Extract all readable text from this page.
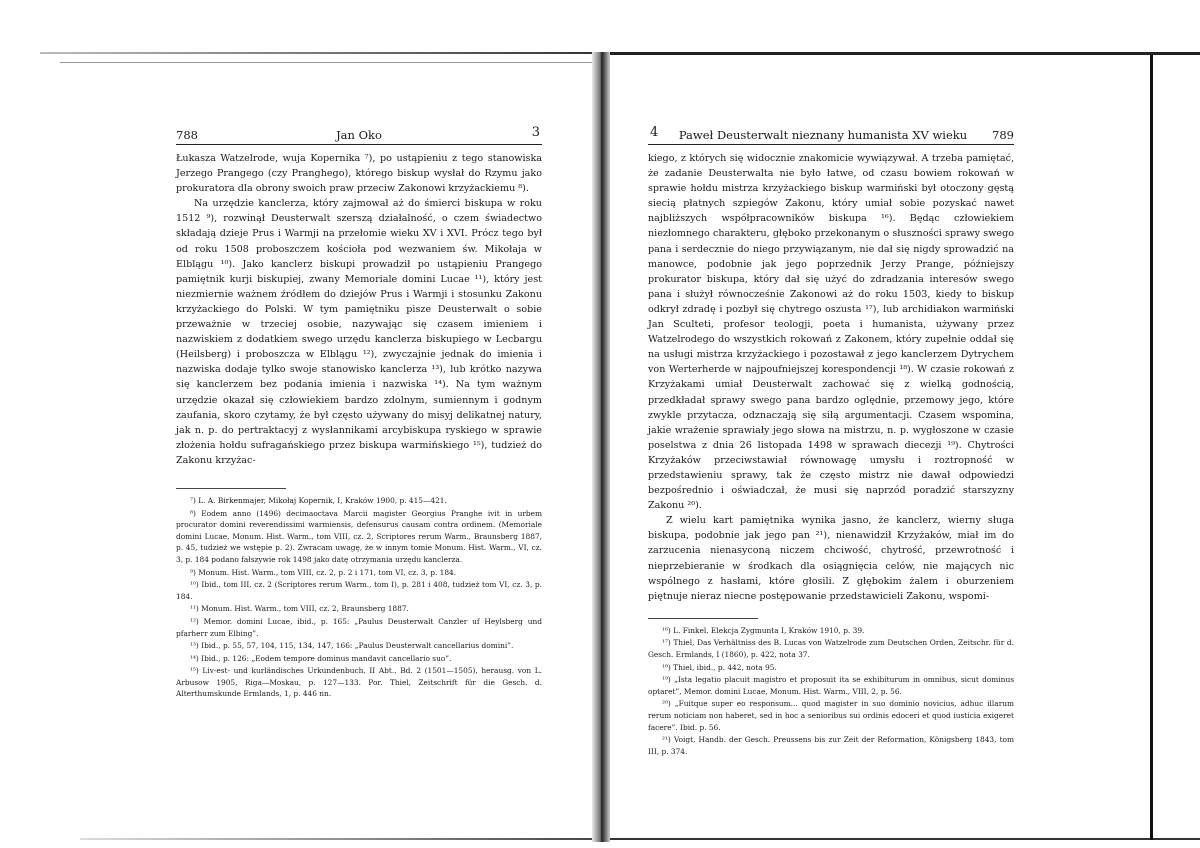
788	Jan Oko	3

Łukasza Watzelrode, wuja Kopernika ⁷), po ustąpieniu z tego stanowiska Jerzego Prangego (czy Pranghego), którego biskup wysłał do Rzymu jako prokuratora dla obrony swoich praw przeciw Zakonowi krzyżackiemu ⁸).

Na urzędzie kanclerza, który zajmował aż do śmierci biskupa w roku 1512 ⁹), rozwinął Deusterwalt szerszą działalność, o czem świadectwo składają dzieje Prus i Warmji na przełomie wieku XV i XVI. Prócz tego był od roku 1508 proboszczem kościoła pod wezwaniem św. Mikołaja w Elblągu ¹⁰). Jako kanclerz biskupi prowadził po ustąpieniu Prangego pamiętnik kurji biskupiej, zwany Memoriale domini Lucae ¹¹), który jest niezmiernie ważnem źródłem do dziejów Prus i Warmji i stosunku Zakonu krzyżackiego do Polski. W tym pamiętniku pisze Deusterwalt o sobie przeważnie w trzeciej osobie, nazywając się czasem imieniem i nazwiskiem z dodatkiem swego urzędu kanclerza biskupiego w Lecbargu (Heilsberg) i proboszcza w Elblągu ¹²), zwyczajnie jednak do imienia i nazwiska dodaje tylko swoje stanowisko kanclerza ¹³), lub krótko nazywa się kanclerzem bez podania imienia i nazwiska ¹⁴). Na tym ważnym urzędzie okazał się człowiekiem bardzo zdolnym, sumiennym i godnym zaufania, skoro czytamy, że był często używany do misyj delikatnej natury, jak n. p. do pertraktacyj z wysłannikami arcybiskupa ryskiego w sprawie złożenia hołdu sufragańskiego przez biskupa warmińskiego ¹⁵), tudzież do Zakonu krzyżac-

⁷) L. A. Birkenmajer, Mikołaj Kopernik, I, Kraków 1900, p. 415—421.

⁸) Eodem anno (1496) decimaoctava Marcii magister Georgius Pranghe ivit in urbem procurator domini reverendissimi warmiensis, defensurus causam contra ordinem. (Memoriale domini Lucae, Monum. Hist. Warm., tom VIII, cz. 2, Scriptores rerum Warm., Braunsberg 1887, p. 45, tudzież we wstępie p. 2). Zwracam uwagę, że w innym tomie Monum. Hist. Warm., VI, cz. 3, p. 184 podano fałszywie rok 1498 jako datę otrzymania urzędu kanclerza.

⁹) Monum. Hist. Warm., tom VIII, cz. 2, p. 2 i 171, tom VI, cz. 3, p. 184.

¹⁰) Ibid., tom III, cz. 2 (Scriptores rerum Warm., tom I), p. 281 i 408, tudzież tom VI, cz. 3, p. 184.

¹¹) Monum. Hist. Warm., tom VIII, cz. 2, Braunsberg 1887.

¹²) Memor. domini Lucae, ibid., p. 165: „Paulus Deusterwalt Canzler uf Heylsberg und pfarherr zum Elbing”.

¹³) Ibid., p. 55, 57, 104, 115, 134, 147, 166: „Paulus Deusterwalt cancellarius domini”.

¹⁴) Ibid., p. 126: „Eodem tempore dominus mandavit cancellario suo”.

¹⁵) Liv-est- und kurländisches Urkundenbuch, II Abt., Bd. 2 (1501—1505), herausg. von L. Arbusow 1905, Riga—Moskau, p. 127—133. Por. Thiel, Zeitschrift für die Gesch. d. Alterthumskunde Ermlands, 1, p. 446 nn.

4	Paweł Deusterwalt nieznany humanista XV wieku	789

kiego, z których się widocznie znakomicie wywiązywał. A trzeba pamiętać, że zadanie Deusterwalta nie było łatwe, od czasu bowiem rokowań w sprawie hołdu mistrza krzyżackiego biskup warmiński był otoczony gęstą siecią płatnych szpiegów Zakonu, który umiał sobie pozyskać nawet najbliższych współpracowników biskupa ¹⁶). Będąc człowiekiem niezłomnego charakteru, głęboko przekonanym o słuszności sprawy swego pana i serdecznie do niego przywiązanym, nie dał się nigdy sprowadzić na manowce, podobnie jak jego poprzednik Jerzy Prange, późniejszy prokurator biskupa, który dał się użyć do zdradzania interesów swego pana i służył równocześnie Zakonowi aż do roku 1503, kiedy to biskup odkrył zdradę i pozbył się chytrego oszusta ¹⁷), lub archidiakon warmiński Jan Sculteti, profesor teologji, poeta i humanista, używany przez Watzelrodego do wszystkich rokowań z Zakonem, który zupełnie oddał się na usługi mistrza krzyżackiego i pozostawał z jego kanclerzem Dytrychem von Werterherde w najpoufniejszej korespondencji ¹⁸). W czasie rokowań z Krzyżakami umiał Deusterwalt zachować się z wielką godnością, przedkładał sprawy swego pana bardzo oględnie, przemowy jego, które zwykle przytacza, odznaczają się siłą argumentacji. Czasem wspomina, jakie wrażenie sprawiały jego słowa na mistrzu, n. p. wygłoszone w czasie poselstwa z dnia 26 listopada 1498 w sprawach diecezji ¹⁹). Chytrości Krzyżaków przeciwstawiał równowagę umysłu i roztropność w przedstawieniu sprawy, tak że często mistrz nie dawał odpowiedzi bezpośrednio i oświadczał, że musi się naprzód poradzić starszyzny Zakonu ²⁰).

Z wielu kart pamiętnika wynika jasno, że kanclerz, wierny sługa biskupa, podobnie jak jego pan ²¹), nienawidził Krzyżaków, miał im do zarzucenia nienasyconą niczem chciwość, chytrość, przewrotność i nieprzebieranie w środkach dla osiągnięcia celów, nie mających nic wspólnego z hasłami, które głosili. Z głębokim żalem i oburzeniem piętnuje nieraz niecne postępowanie przedstawicieli Zakonu, wspomi-

¹⁶) L. Finkel, Elekcja Zygmunta I, Kraków 1910, p. 39.

¹⁷) Thiel, Das Verhältniss des B. Lucas von Watzelrode zum Deutschen Orden, Zeitschr. für d. Gesch. Ermlands, I (1860), p. 422, nota 37.

¹⁸) Thiel, ibid., p. 442, nota 95.

¹⁹) „Ista legatio placuit magistro et proposuit ita se exhibiturum in omnibus, sicut dominus optaret”, Memor. domini Lucae, Monum. Hist. Warm., VIII, 2, p. 56.

²⁰) „Fuitque super eo responsum... quod magister in suo dominio novicius, adhuc illarum rerum noticiam non haberet, sed in hoc a senioribus sui ordinis edoceri et quod iusticia exigeret facere”. Ibid. p. 56.

²¹) Voigt, Handb. der Gesch. Preussens bis zur Zeit der Reformation, Königsberg 1843, tom III, p. 374.
